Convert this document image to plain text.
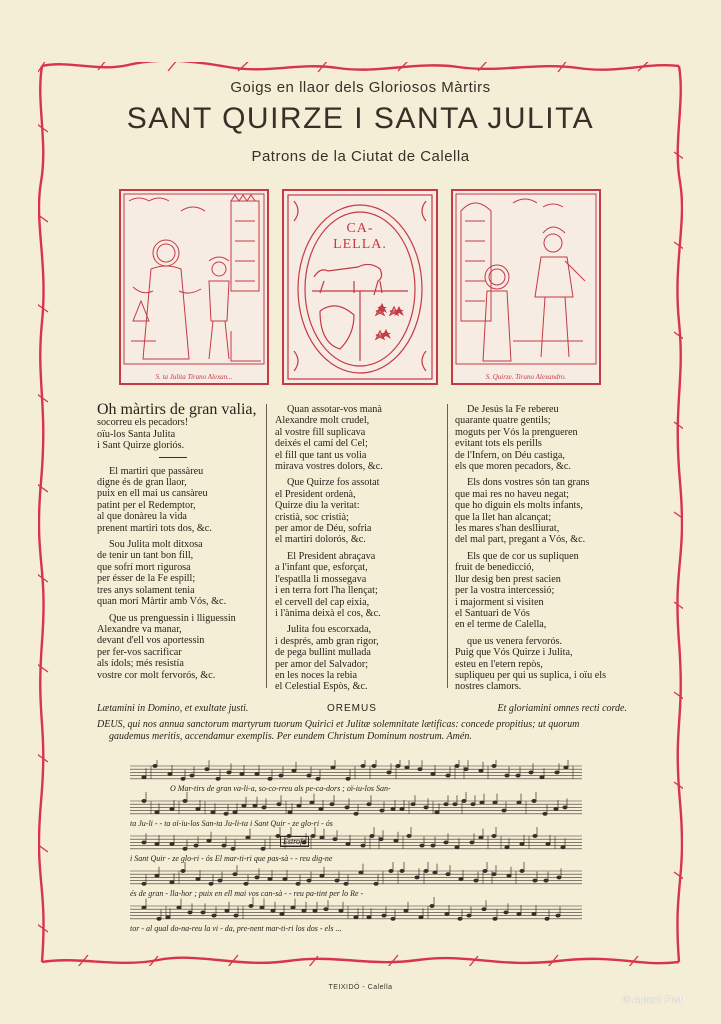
Goigs en llaor dels Gloriosos Màrtirs
SANT QUIRZE I SANTA JULITA
Patrons de la Ciutat de Calella
S. ta Julita Tirano Alexan...
CA-
LELLA.
S. Quirze. Tirano Alexandro.

Oh màrtirs de gran valia,
socorreu els pecadors!
oïu-los Santa Julita
i Sant Quirze gloriós.

El martiri que passàreu
digne és de gran llaor,
puix en ell mai us cansàreu
patint per el Redemptor,
al que donàreu la vida
prenent martiri tots dos, &c.

Sou Julita molt ditxosa
de tenir un tant bon fill,
que sofrí mort rigurosa
per ésser de la Fe espill;
tres anys solament tenia
quan morí Màrtir amb Vós, &c.

Que us prenguessin i lliguessin
Alexandre va manar,
devant d'ell vos aportessin
per fer-vos sacrificar
als ídols; més resistía
vostre cor molt fervorós, &c.

Quan assotar-vos manà
Alexandre molt crudel,
al vostre fill suplicava
deixés el camí del Cel;
el fill que tant us volia
mirava vostres dolors, &c.

Que Quirze fos assotat
el President ordenà,
Quirze diu la veritat:
cristià, soc cristià;
per amor de Déu, sofria
el martiri dolorós, &c.

El President abraçava
a l'infant que, esforçat,
l'espatlla li mossegava
i en terra fort l'ha llençat;
el cervell del cap eixia,
i l'ànima deixà el cos, &c.

Julita fou escorxada,
i després, amb gran rigor,
de pega bullint mullada
per amor del Salvador;
en les noces la rebia
el Celestial Espòs, &c.

De Jesús la Fe rebereu
quarante quatre gentils;
moguts per Vós la prengueren
evitant tots els perills
de l'Infern, on Déu castiga,
els que moren pecadors, &c.

Els dons vostres són tan grans
que mai res no haveu negat;
que ho diguin els molts infants,
que la llet han alcançat;
les mares s'han deslliurat,
del mal part, pregant a Vós, &c.

Els que de cor us supliquen
fruit de benedicció,
llur desig ben prest sacien
per la vostra intercessió;
i majorment si visiten
el Santuari de Vós
en el terme de Calella,

que us venera fervorós.
Puig que Vós Quirze i Julita,
esteu en l'etern repòs,
supliqueu per qui us suplica, i oïu els nostres clamors.

Lætamini in Domino, et exultate justi.	OREMUS	Et gloriamini omnes recti corde.
DEUS, qui nos annua sanctorum martyrum tuorum Quirici et Julitæ solemnitate lætificas: concede propitius; ut quorum
gaudemus meritis, accendamur exemplis. Per eundem Christum Dominum nostrum. Amén.
O Mar-tirs de gran va-li-a, so-co-rreu als pe-ca-dors ; oï-iu-los San-
ta Ju-li - - ta oï-iu-los San-ta Ju-li-ta i Sant Quir - ze glo-ri - ós
Estrofa
i Sant Quir - ze glo-ri - ós El mar-ti-ri que pas-sà - - reu dig-ne
és de gran - lla-hor ; puix en ell mai vos can-sà - - reu pa-tint per lo Re -
tor - al qual do-na-reu la vi - da, pre-nent mar-ti-ri los dos - els ...
TEIXIDÓ - Calella
© Antoni Prat
